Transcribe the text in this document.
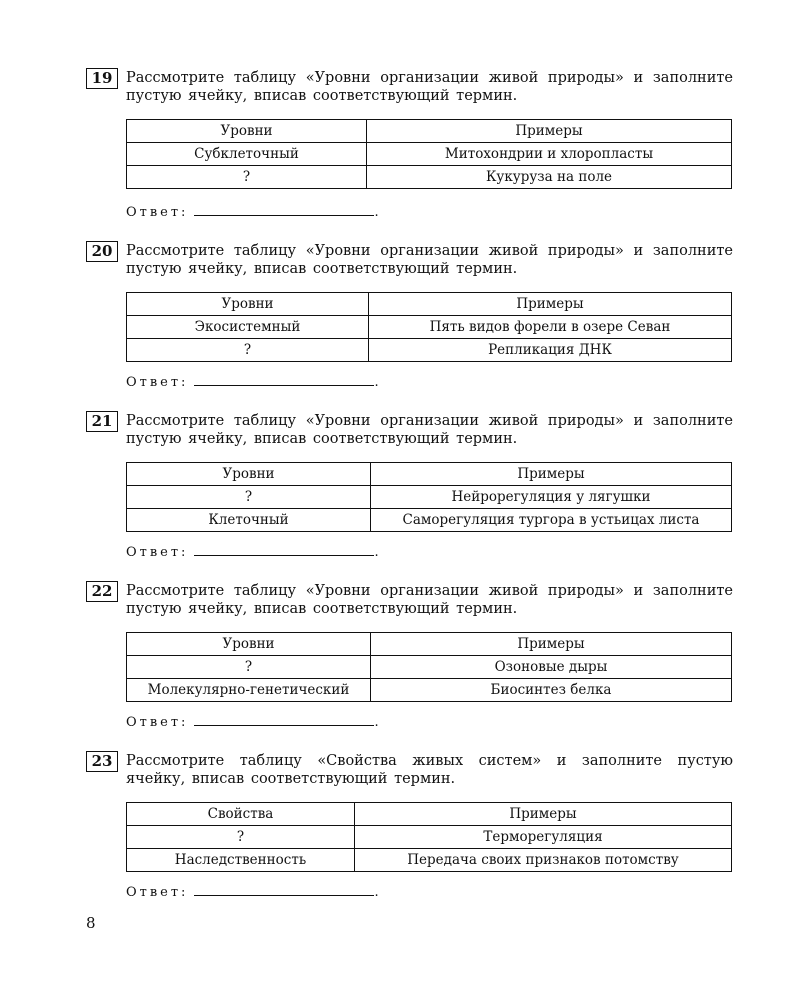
19 Рассмотрите таблицу «Уровни организации живой природы» и заполните пустую ячейку, вписав соответствующий термин.
Уровни	Примеры
Субклеточный	Митохондрии и хлоропласты
?	Кукуруза на поле
Ответ:	.
20 Рассмотрите таблицу «Уровни организации живой природы» и заполните пустую ячейку, вписав соответствующий термин.
Уровни	Примеры
Экосистемный	Пять видов форели в озере Севан
?	Репликация ДНК
Ответ:	.
21 Рассмотрите таблицу «Уровни организации живой природы» и заполните пустую ячейку, вписав соответствующий термин.
Уровни	Примеры
?	Нейрорегуляция у лягушки
Клеточный	Саморегуляция тургора в устьицах листа
Ответ:	.
22 Рассмотрите таблицу «Уровни организации живой природы» и заполните пустую ячейку, вписав соответствующий термин.
Уровни	Примеры
?	Озоновые дыры
Молекулярно-генетический	Биосинтез белка
Ответ:	.
23 Рассмотрите таблицу «Свойства живых систем» и заполните пустую ячейку, вписав соответствующий термин.
Свойства	Примеры
?	Терморегуляция
Наследственность	Передача своих признаков потомству
Ответ:	.
8
